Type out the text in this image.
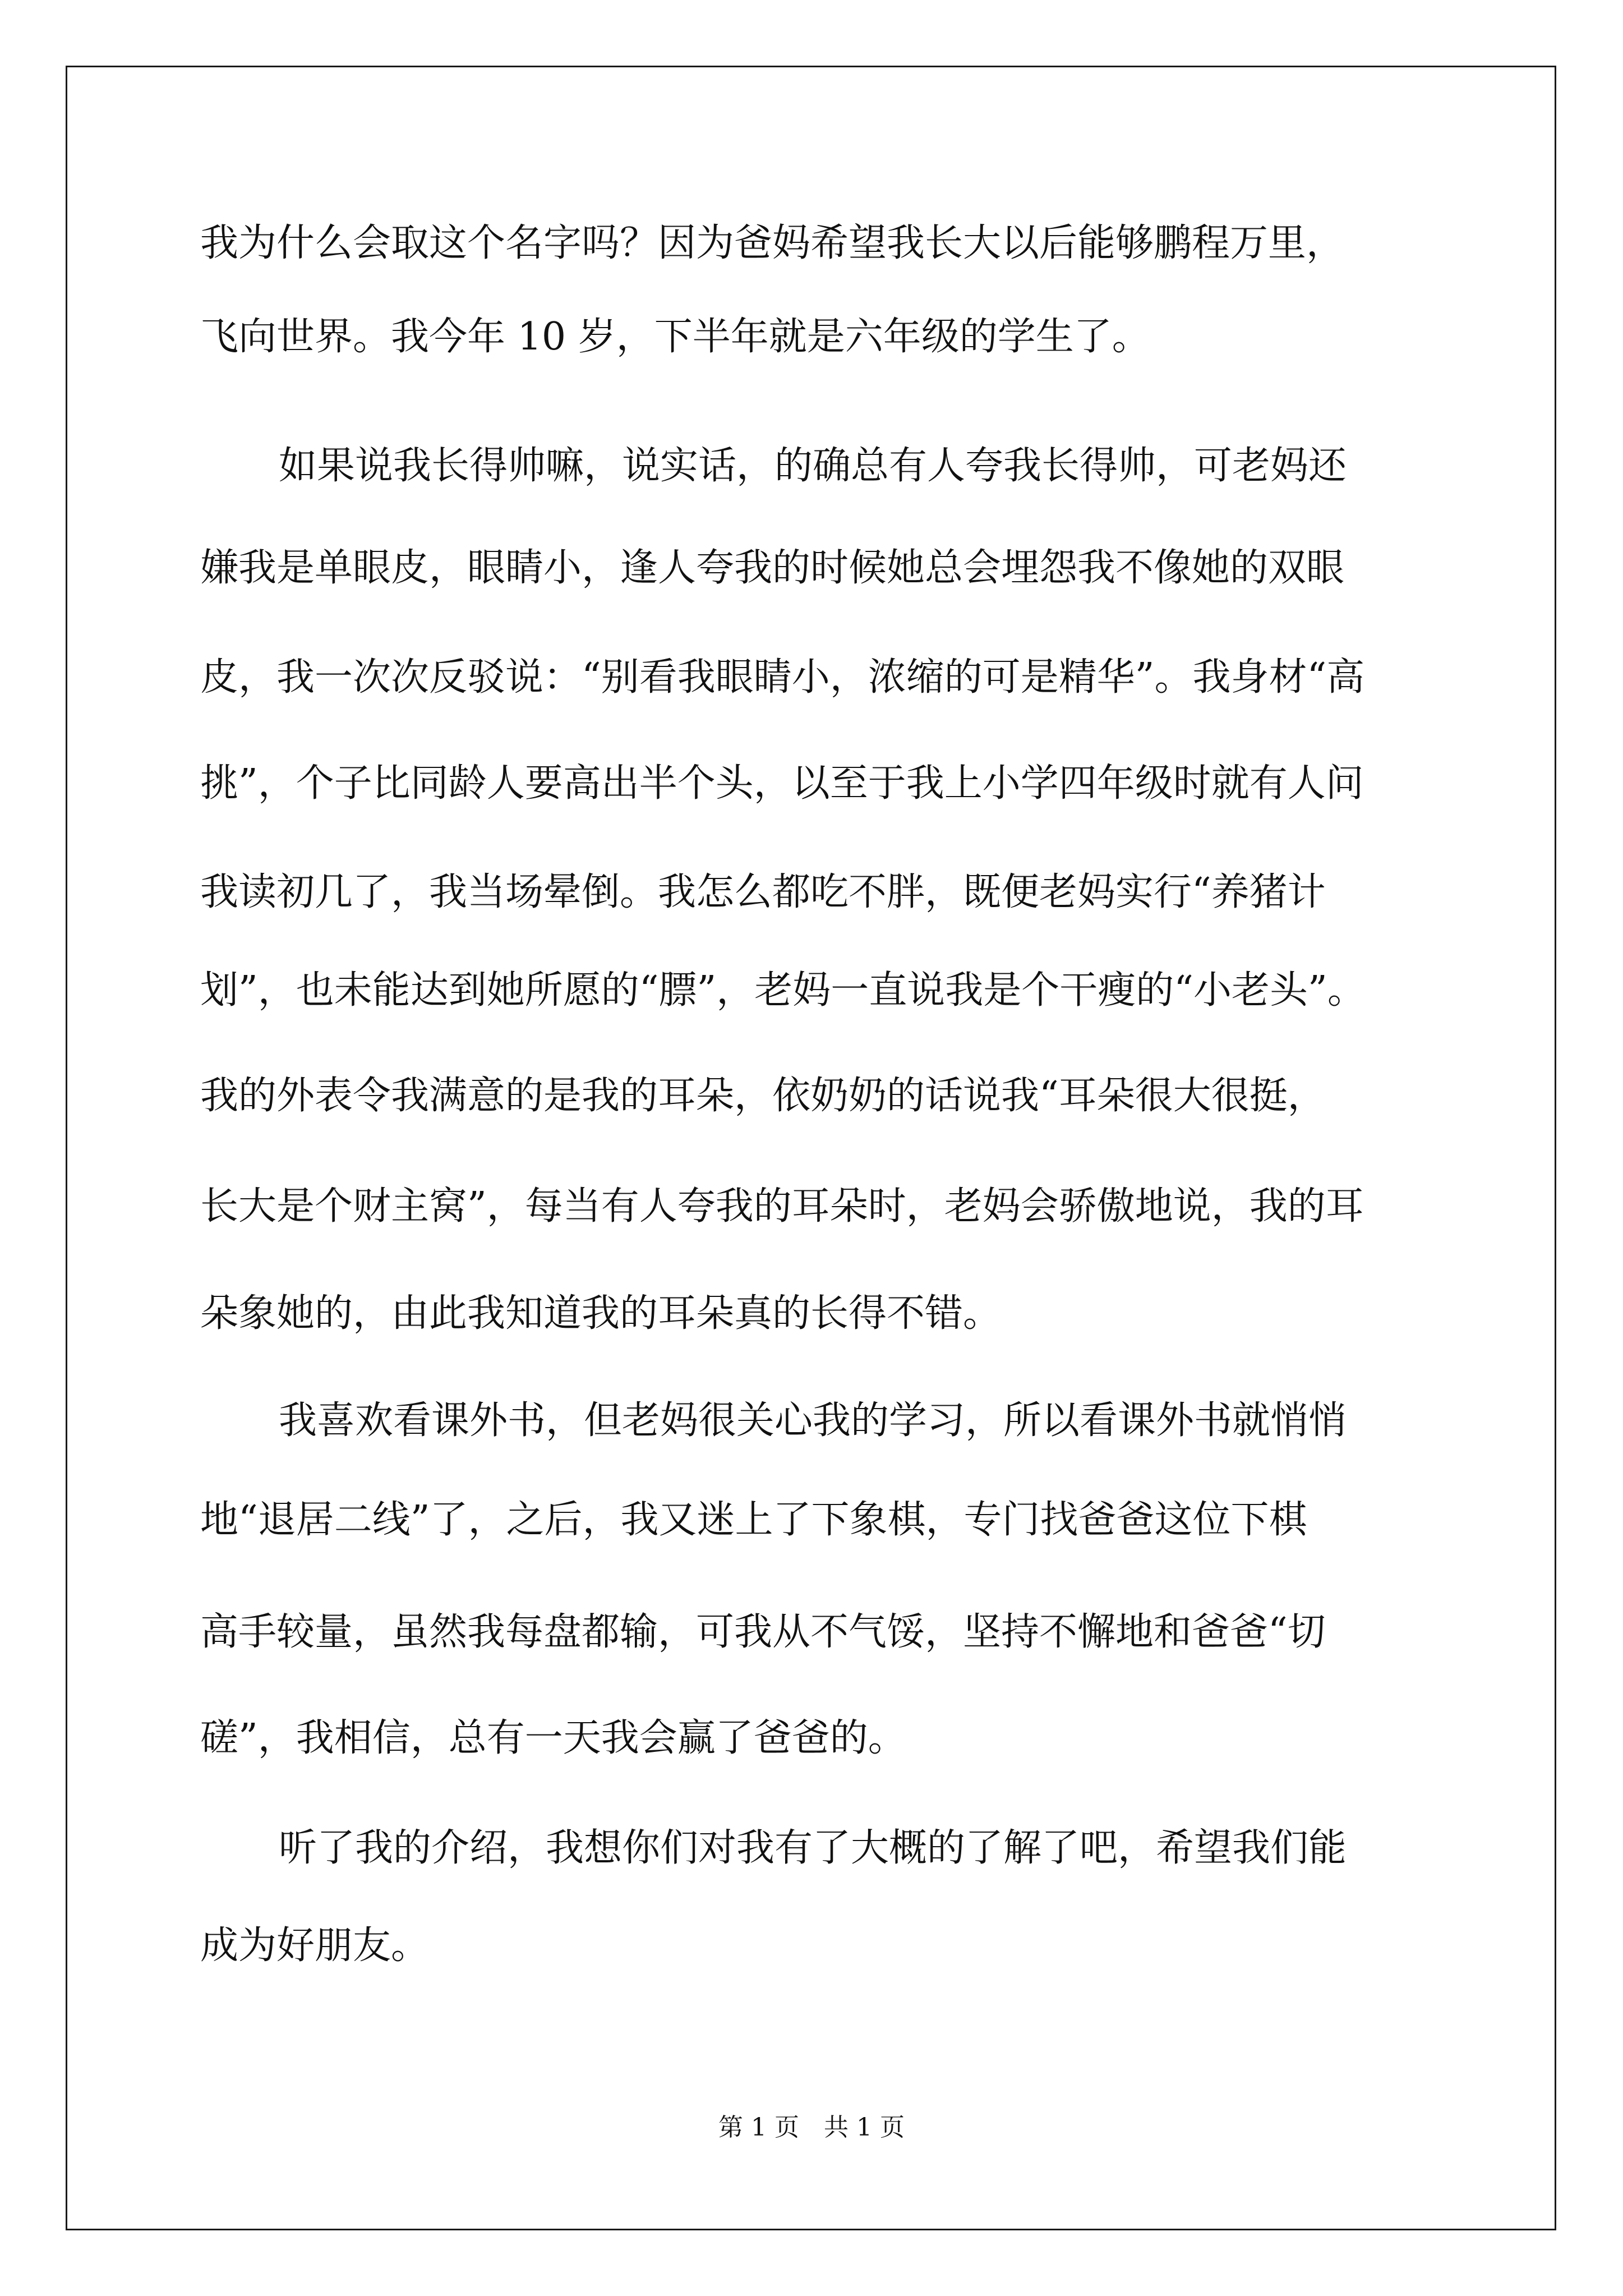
我为什么会取这个名字吗？因为爸妈希望我长大以后能够鹏程万里，

飞向世界。我今年 10 岁，下半年就是六年级的学生了。

如果说我长得帅嘛，说实话，的确总有人夸我长得帅，可老妈还

嫌我是单眼皮，眼睛小，逢人夸我的时候她总会埋怨我不像她的双眼

皮，我一次次反驳说：“别看我眼睛小，浓缩的可是精华”。我身材“高

挑”，个子比同龄人要高出半个头，以至于我上小学四年级时就有人问

我读初几了，我当场晕倒。我怎么都吃不胖，既便老妈实行“养猪计

划”，也未能达到她所愿的“膘”，老妈一直说我是个干瘦的“小老头”。

我的外表令我满意的是我的耳朵，依奶奶的话说我“耳朵很大很挺，

长大是个财主窝”，每当有人夸我的耳朵时，老妈会骄傲地说，我的耳

朵象她的，由此我知道我的耳朵真的长得不错。

我喜欢看课外书，但老妈很关心我的学习，所以看课外书就悄悄

地“退居二线”了，之后，我又迷上了下象棋，专门找爸爸这位下棋

高手较量，虽然我每盘都输，可我从不气馁，坚持不懈地和爸爸“切

磋”，我相信，总有一天我会赢了爸爸的。

听了我的介绍，我想你们对我有了大概的了解了吧，希望我们能

成为好朋友。

第 1 页　共 1 页
